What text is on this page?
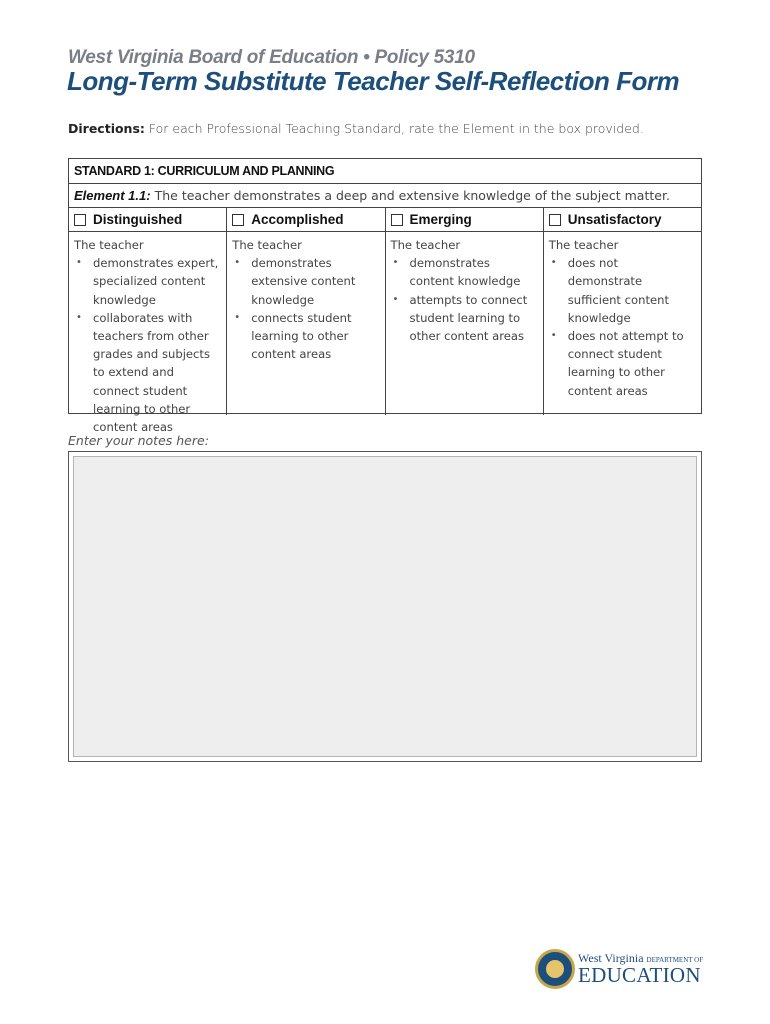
West Virginia Board of Education • Policy 5310
Long-Term Substitute Teacher Self-Reflection Form
Directions: For each Professional Teaching Standard, rate the Element in the box provided.
STANDARD 1: CURRICULUM AND PLANNING
Element 1.1: The teacher demonstrates a deep and extensive knowledge of the subject matter.
Distinguished
The teacher
• demonstrates expert, specialized content knowledge
• collaborates with teachers from other grades and subjects to extend and connect student learning to other content areas
Accomplished
The teacher
• demonstrates extensive content knowledge
• connects student learning to other content areas
Emerging
The teacher
• demonstrates content knowledge
• attempts to connect student learning to other content areas
Unsatisfactory
The teacher
• does not demonstrate sufficient content knowledge
• does not attempt to connect student learning to other content areas
Enter your notes here:
West Virginia DEPARTMENT OF
EDUCATION
